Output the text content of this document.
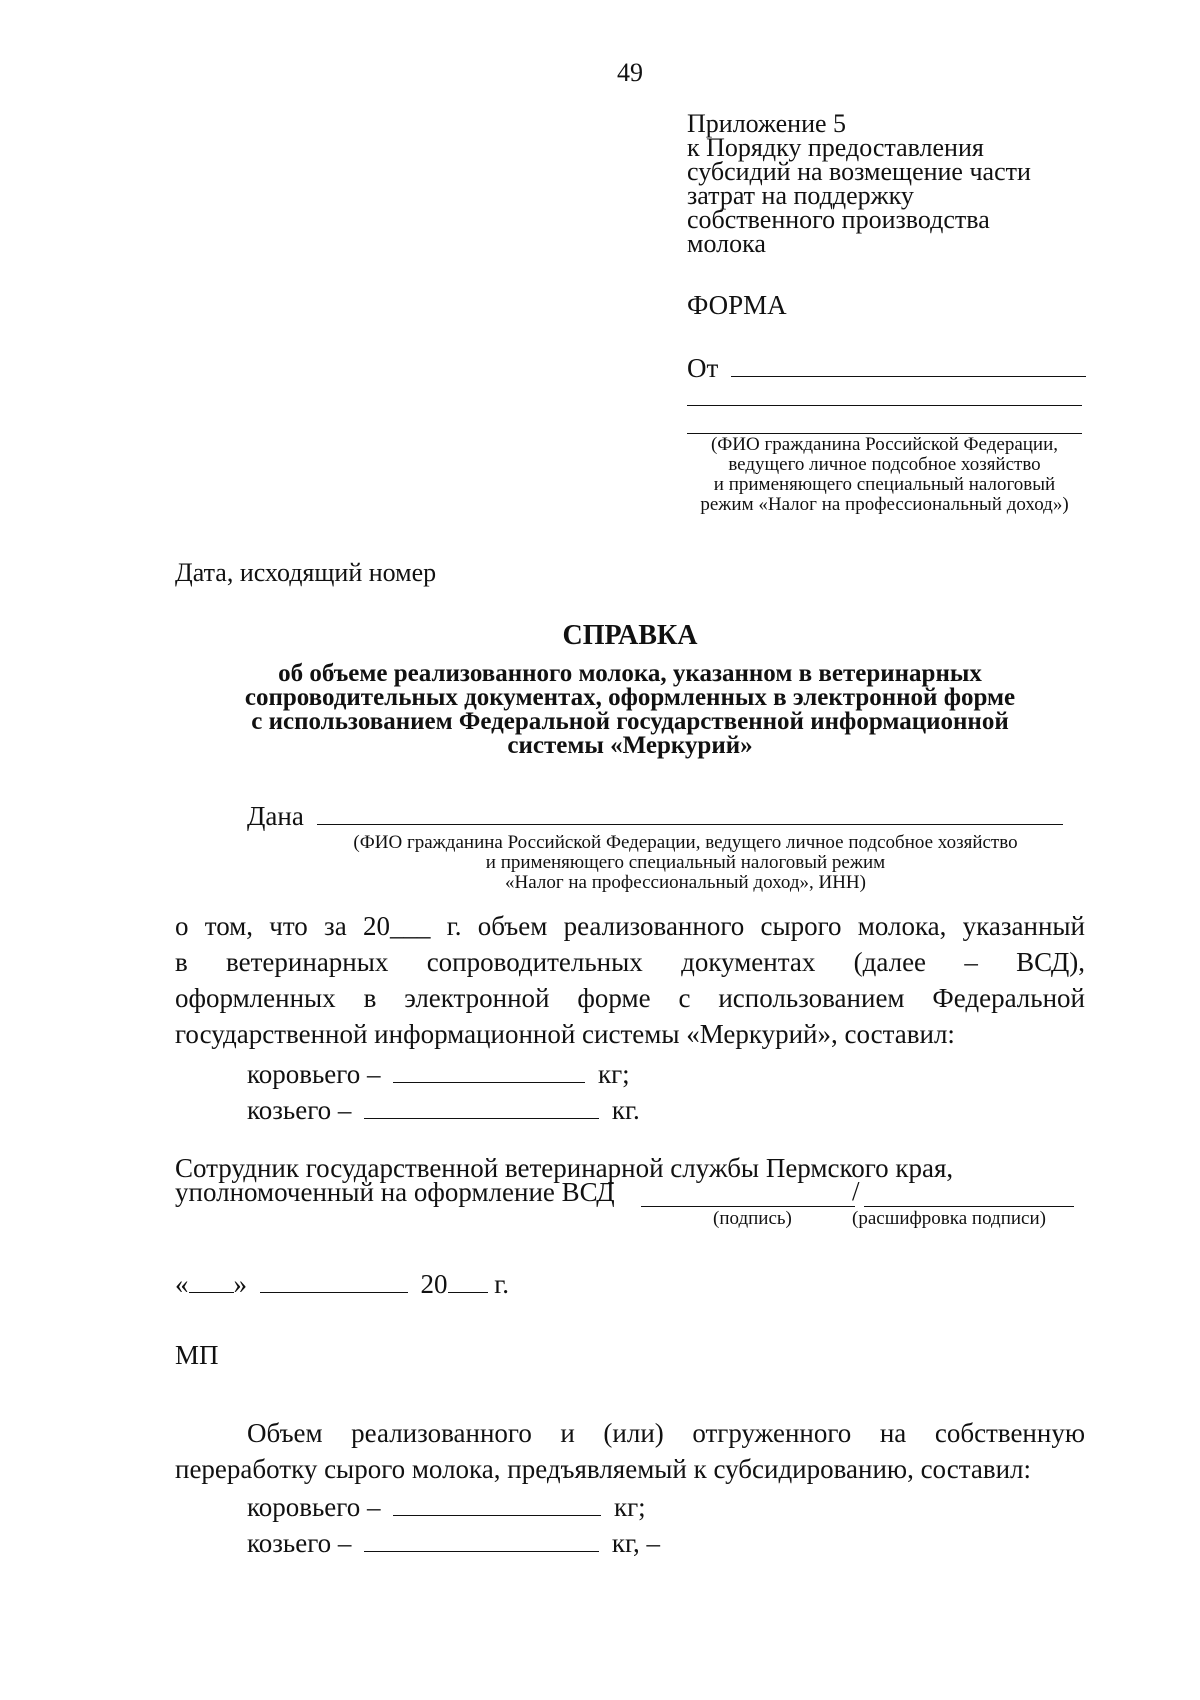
49
Приложение 5
к Порядку предоставления
субсидий на возмещение части
затрат на поддержку
собственного производства
молока
ФОРМА
От
(ФИО гражданина Российской Федерации,
ведущего личное подсобное хозяйство
и применяющего специальный налоговый
режим «Налог на профессиональный доход»)
Дата, исходящий номер
СПРАВКА
об объеме реализованного молока, указанном в ветеринарных
сопроводительных документах, оформленных в электронной форме
с использованием Федеральной государственной информационной
системы «Меркурий»
Дана
(ФИО гражданина Российской Федерации, ведущего личное подсобное хозяйство
и применяющего специальный налоговый режим
«Налог на профессиональный доход», ИНН)
о том, что за 20___ г. объем реализованного сырого молока, указанный
в ветеринарных сопроводительных документах (далее – ВСД),
оформленных в электронной форме с использованием Федеральной
государственной информационной системы «Меркурий», составил:
коровьего –	кг;
козьего –	кг.
Сотрудник государственной ветеринарной службы Пермского края,
уполномоченный на оформление ВСД	/
(подпись)	(расшифровка подписи)
« »	20 г.
МП
Объем реализованного и (или) отгруженного на собственную
переработку сырого молока, предъявляемый к субсидированию, составил:
коровьего –	кг;
козьего –	кг, –
